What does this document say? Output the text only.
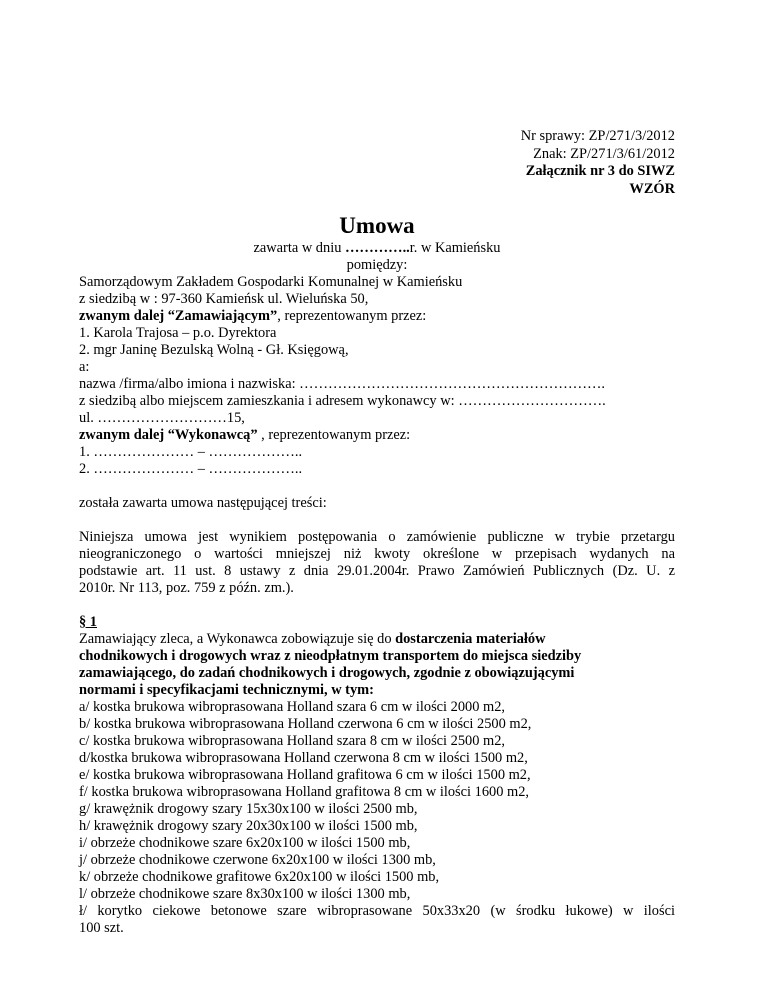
Nr sprawy: ZP/271/3/2012
Znak: ZP/271/3/61/2012
Załącznik nr 3 do SIWZ
WZÓR
Umowa
zawarta w dniu …………..r. w Kamieńsku
pomiędzy:
Samorządowym Zakładem Gospodarki Komunalnej w Kamieńsku
z siedzibą w : 97-360 Kamieńsk ul. Wieluńska 50,
zwanym dalej “Zamawiającym”, reprezentowanym przez:
1. Karola Trajosa – p.o. Dyrektora
2. mgr Janinę Bezulską Wolną - Gł. Księgową,
a:
nazwa /firma/albo imiona i nazwiska: ……………………………………………………….
z siedzibą albo miejscem zamieszkania i adresem wykonawcy w: ………………………….
ul. ………………………15,
zwanym dalej “Wykonawcą” , reprezentowanym przez:
1. ………………… – ………………..
2. ………………… – ………………..
została zawarta umowa następującej treści:
Niniejsza umowa jest wynikiem postępowania o zamówienie publiczne w trybie przetargu
nieograniczonego o wartości mniejszej niż kwoty określone w przepisach wydanych na
podstawie art. 11 ust. 8 ustawy z dnia 29.01.2004r. Prawo Zamówień Publicznych (Dz. U. z
2010r. Nr 113, poz. 759 z późn. zm.).
§ 1
Zamawiający zleca, a Wykonawca zobowiązuje się do dostarczenia materiałów
chodnikowych i drogowych wraz z nieodpłatnym transportem do miejsca siedziby
zamawiającego, do zadań chodnikowych i drogowych, zgodnie z obowiązującymi
normami i specyfikacjami technicznymi, w tym:
a/ kostka brukowa wibroprasowana Holland szara 6 cm w ilości 2000 m2,
b/ kostka brukowa wibroprasowana Holland czerwona 6 cm w ilości 2500 m2,
c/ kostka brukowa wibroprasowana Holland szara 8 cm w ilości 2500 m2,
d/kostka brukowa wibroprasowana Holland czerwona 8 cm w ilości 1500 m2,
e/ kostka brukowa wibroprasowana Holland grafitowa 6 cm w ilości 1500 m2,
f/ kostka brukowa wibroprasowana Holland grafitowa 8 cm w ilości 1600 m2,
g/ krawężnik drogowy szary 15x30x100 w ilości 2500 mb,
h/ krawężnik drogowy szary 20x30x100 w ilości 1500 mb,
i/ obrzeże chodnikowe szare 6x20x100 w ilości 1500 mb,
j/ obrzeże chodnikowe czerwone 6x20x100 w ilości 1300 mb,
k/ obrzeże chodnikowe grafitowe 6x20x100 w ilości 1500 mb,
l/ obrzeże chodnikowe szare 8x30x100 w ilości 1300 mb,
ł/ korytko ciekowe betonowe szare wibroprasowane 50x33x20 (w środku łukowe) w ilości
100 szt.
